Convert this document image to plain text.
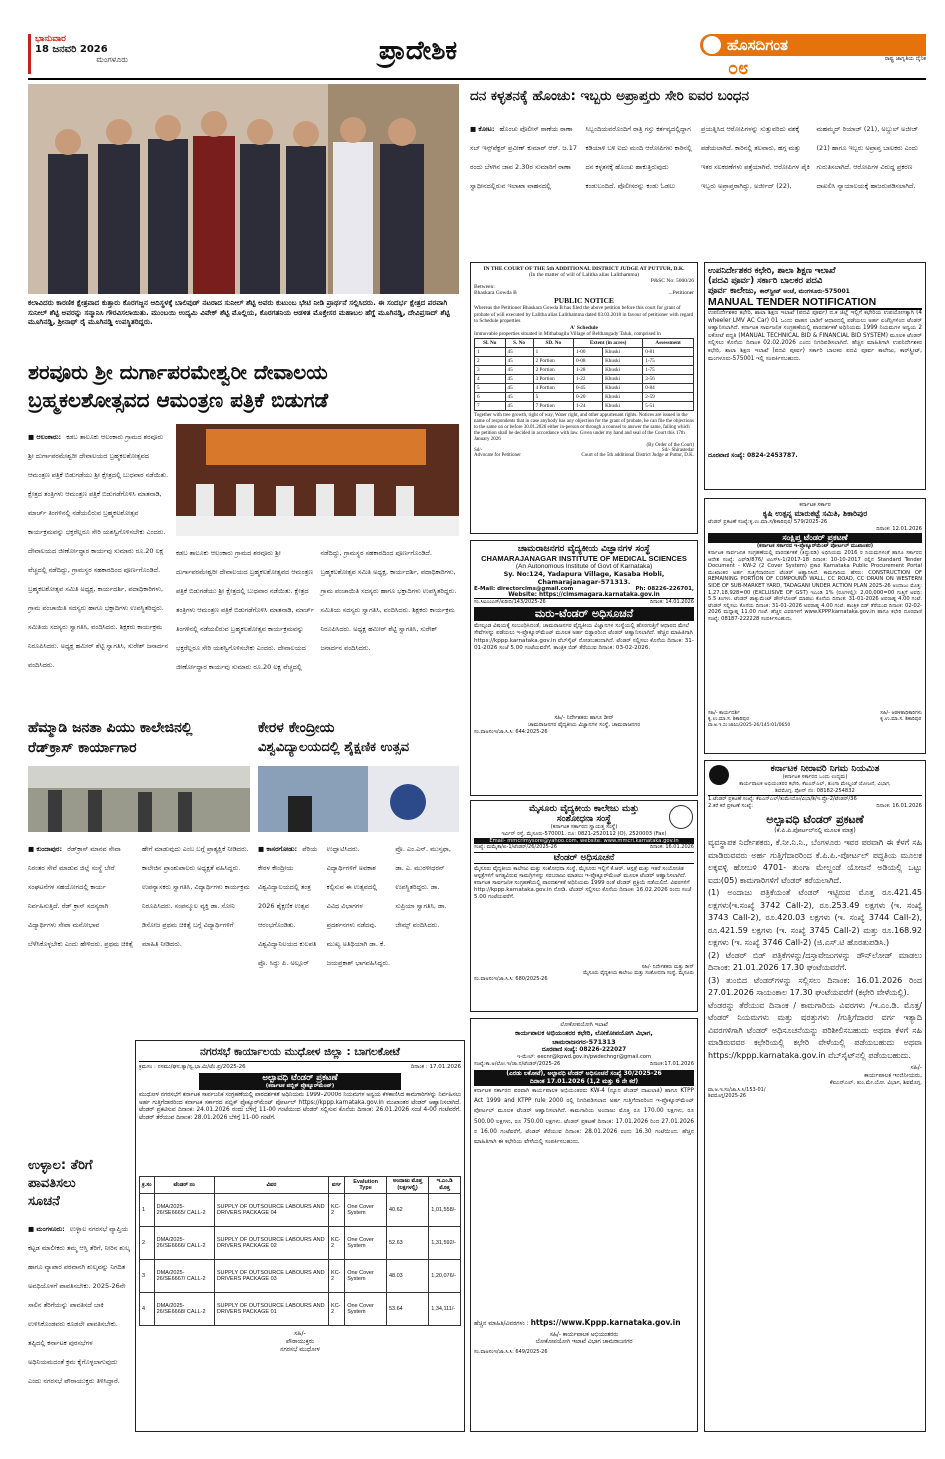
ಭಾನುವಾರ
18 ಜನವರಿ 2026
ಮಂಗಳೂರು	ಪ್ರಾದೇಶಿಕ	ಹೊಸದಿಗಂತ
ರಾಷ್ಟ್ರ ಜಾಗೃತಿಯ ದೈನಿಕ
೦೮
ಕಲಾವಿದರು ಕಾರಣಿಕ ಕ್ಷೇತ್ರವಾದ ಕುತ್ತಾರು ಕೊರಗಜ್ಜನ ಆದಿಸ್ಥಳಕ್ಕೆ ಬಾಲಿವುಡ್ ನಟರಾದ ಸುನೀಲ್ ಶೆಟ್ಟಿ ಅವರು ಕುಟುಂಬ ಭೇಟಿ ನೀಡಿ ಪ್ರಾರ್ಥನೆ ಸಲ್ಲಿಸಿದರು. ಈ ಸಂದರ್ಭ ಕ್ಷೇತ್ರದ ಪರವಾಗಿ ಸುನೀಲ್ ಶೆಟ್ಟಿ ಅವರನ್ನು ಸನ್ಮಾನಿಸಿ ಗೌರವಿಸಲಾಯಿತು. ಮುಂಬಯಿ ಉದ್ಯಮಿ ವಿವೇಕ್ ಶೆಟ್ಟಿ ಮೊಲ್ಲಿಯ, ಕೊರಗತನಿಯ ಆಡಳಿತ ಮೊಕ್ತೇಸರ ಮಹಾಬಲ ಹೆಗ್ಡೆ ಮೂಗಿನಡ್ಡಿ, ದೇವಿಪ್ರಸಾದ್ ಶೆಟ್ಟಿ ಮೂಗಿನಡ್ಡಿ, ಶ್ರೀನಾಥ್ ರೈ ಮೂಗಿನಡ್ಡಿ ಉಪಸ್ಥಿತರಿದ್ದರು.
ದನ ಕಳ್ಳತನಕ್ಕೆ ಹೊಂಚು: ಇಬ್ಬರು ಅಪ್ರಾಪ್ತರು ಸೇರಿ ಐವರ ಬಂಧನ
■ ಕೋಟ: ಹೊಂಚು ಪೊಲೀಸ್ ಠಾಣೆಯ ಠಾಣಾ ಸಬ್ ಇನ್ಸ್‌ಪೆಕ್ಟರ್ ಪ್ರವೀಣ್ ಕುಮಾರ್ ಆರ್. ಜ.17 ರಂದು ಬೆಳಗಿನ ಜಾವ 2.30ರ ಸುಮಾರಿಗೆ ಠಾಣಾ ಸ್ವಾಧೀನದಲ್ಲಿರುವ ಇಲಾಖಾ ವಾಹನದಲ್ಲಿ ಸಿಬ್ಬಂದಿಯವರೊಂದಿಗೆ ರಾತ್ರಿ ಗಸ್ತು ಕರ್ತವ್ಯದಲ್ಲಿದ್ದಾಗ ಕಡಿಯಾಳಿ ಬಳಿ ಐದು ಮಂದಿ ಆರೋಪಿಗಳು ಕಾರಿನಲ್ಲಿ ದನ ಕಳ್ಳತನಕ್ಕೆ ಹೊಂಚು ಹಾಕುತ್ತಿರುವುದು ಕಂಡುಬಂದಿದೆ. ಪೊಲೀಸರನ್ನು ಕಂಡು ಓಡಲು ಪ್ರಯತ್ನಿಸಿದ ಆರೋಪಿಗಳನ್ನು ಸುತ್ತುವರಿದು ವಶಕ್ಕೆ ಪಡೆಯಲಾಗಿದೆ. ಕಾರಿನಲ್ಲಿ ತಲವಾರು, ಹಗ್ಗ ಮತ್ತು ಇತರ ಸಲಕರಣೆಗಳು ಪತ್ತೆಯಾಗಿವೆ. ಆರೋಪಿಗಳ ಪೈಕಿ ಇಬ್ಬರು ಅಪ್ರಾಪ್ತರಾಗಿದ್ದು, ಅರ್ಜೀದ್ (22), ಮಹಮ್ಮದ್ ರಿಯಾಜ್ (21), ಅಬ್ದುಲ್ ಅಜೀಜ್ (21) ಹಾಗೂ ಇಬ್ಬರು ಅಪ್ರಾಪ್ತ ಬಾಲಕರು ಎಂದು ಗುರುತಿಸಲಾಗಿದೆ. ಆರೋಪಿಗಳ ವಿರುದ್ಧ ಪ್ರಕರಣ ದಾಖಲಿಸಿ ನ್ಯಾಯಾಲಯಕ್ಕೆ ಹಾಜರುಪಡಿಸಲಾಗಿದೆ.
ಶರವೂರು ಶ್ರೀ ದುರ್ಗಾಪರಮೇಶ್ವರೀ ದೇವಾಲಯ
ಬ್ರಹ್ಮಕಲಶೋತ್ಸವದ ಆಮಂತ್ರಣ ಪತ್ರಿಕೆ ಬಿಡುಗಡೆ
■ ಆಲಂಕಾರು: ಕಡಬ ತಾಲೂಕು ಆಲಂಕಾರು ಗ್ರಾಮದ ಶರವೂರು ಶ್ರೀ ದುರ್ಗಾಪರಮೇಶ್ವರೀ ದೇವಾಲಯದ ಬ್ರಹ್ಮಕಲಶೋತ್ಸವದ ಆಮಂತ್ರಣ ಪತ್ರಿಕೆ ಬಿಡುಗಡೆಯು ಶ್ರೀ ಕ್ಷೇತ್ರದಲ್ಲಿ ಬುಧವಾರ ನಡೆಯಿತು. ಕ್ಷೇತ್ರದ ತಂತ್ರಿಗಳು ಆಮಂತ್ರಣ ಪತ್ರಿಕೆ ಬಿಡುಗಡೆಗೊಳಿಸಿ ಮಾತನಾಡಿ, ಮಾರ್ಚ್ ತಿಂಗಳಿನಲ್ಲಿ ನಡೆಯಲಿರುವ ಬ್ರಹ್ಮಕಲಶೋತ್ಸವ ಕಾರ್ಯಕ್ರಮವನ್ನು ಭಕ್ತರೆಲ್ಲರೂ ಸೇರಿ ಯಶಸ್ವಿಗೊಳಿಸಬೇಕು ಎಂದರು. ದೇವಾಲಯದ ಜೀರ್ಣೋದ್ಧಾರ ಕಾರ್ಯವು ಸುಮಾರು ರೂ.20 ಲಕ್ಷ ವೆಚ್ಚದಲ್ಲಿ ನಡೆದಿದ್ದು, ಗ್ರಾಮಸ್ಥರ ಸಹಕಾರದಿಂದ ಪೂರ್ಣಗೊಂಡಿದೆ. ಬ್ರಹ್ಮಕಲಶೋತ್ಸವ ಸಮಿತಿ ಅಧ್ಯಕ್ಷ, ಕಾರ್ಯದರ್ಶಿ, ಪದಾಧಿಕಾರಿಗಳು, ಗ್ರಾಮ ಪಂಚಾಯಿತಿ ಸದಸ್ಯರು ಹಾಗೂ ಭಕ್ತಾದಿಗಳು ಉಪಸ್ಥಿತರಿದ್ದರು. ಸಮಿತಿಯ ಸದಸ್ಯರು ಸ್ವಾಗತಿಸಿ, ವಂದಿಸಿದರು. ಶಿಕ್ಷಕರು ಕಾರ್ಯಕ್ರಮ ನಿರೂಪಿಸಿದರು. ಅಧ್ಯಕ್ಷ ಹಮೀರ್ ಶೆಟ್ಟಿ ಸ್ವಾಗತಿಸಿ, ಸುರೇಶ್ ಜನಾರ್ದನ ವಂದಿಸಿದರು.
ಕಡಬ ತಾಲೂಕು ಆಲಂಕಾರು ಗ್ರಾಮದ ಶರವೂರು ಶ್ರೀ ದುರ್ಗಾಪರಮೇಶ್ವರೀ ದೇವಾಲಯದ ಬ್ರಹ್ಮಕಲಶೋತ್ಸವದ ಆಮಂತ್ರಣ ಪತ್ರಿಕೆ ಬಿಡುಗಡೆಯು ಶ್ರೀ ಕ್ಷೇತ್ರದಲ್ಲಿ ಬುಧವಾರ ನಡೆಯಿತು. ಕ್ಷೇತ್ರದ ತಂತ್ರಿಗಳು ಆಮಂತ್ರಣ ಪತ್ರಿಕೆ ಬಿಡುಗಡೆಗೊಳಿಸಿ ಮಾತನಾಡಿ, ಮಾರ್ಚ್ ತಿಂಗಳಿನಲ್ಲಿ ನಡೆಯಲಿರುವ ಬ್ರಹ್ಮಕಲಶೋತ್ಸವ ಕಾರ್ಯಕ್ರಮವನ್ನು ಭಕ್ತರೆಲ್ಲರೂ ಸೇರಿ ಯಶಸ್ವಿಗೊಳಿಸಬೇಕು ಎಂದರು. ದೇವಾಲಯದ ಜೀರ್ಣೋದ್ಧಾರ ಕಾರ್ಯವು ಸುಮಾರು ರೂ.20 ಲಕ್ಷ ವೆಚ್ಚದಲ್ಲಿ ನಡೆದಿದ್ದು, ಗ್ರಾಮಸ್ಥರ ಸಹಕಾರದಿಂದ ಪೂರ್ಣಗೊಂಡಿದೆ. ಬ್ರಹ್ಮಕಲಶೋತ್ಸವ ಸಮಿತಿ ಅಧ್ಯಕ್ಷ, ಕಾರ್ಯದರ್ಶಿ, ಪದಾಧಿಕಾರಿಗಳು, ಗ್ರಾಮ ಪಂಚಾಯಿತಿ ಸದಸ್ಯರು ಹಾಗೂ ಭಕ್ತಾದಿಗಳು ಉಪಸ್ಥಿತರಿದ್ದರು. ಸಮಿತಿಯ ಸದಸ್ಯರು ಸ್ವಾಗತಿಸಿ, ವಂದಿಸಿದರು. ಶಿಕ್ಷಕರು ಕಾರ್ಯಕ್ರಮ ನಿರೂಪಿಸಿದರು. ಅಧ್ಯಕ್ಷ ಹಮೀರ್ ಶೆಟ್ಟಿ ಸ್ವಾಗತಿಸಿ, ಸುರೇಶ್ ಜನಾರ್ದನ ವಂದಿಸಿದರು.
ಹೆಮ್ಮಾಡಿ ಜನತಾ ಪಿಯು ಕಾಲೇಜಿನಲ್ಲಿ
ರೆಡ್‌ಕ್ರಾಸ್ ಕಾರ್ಯಾಗಾರ
■ ಕುಂದಾಪುರ: ರೆಡ್‌ಕ್ರಾಸ್ ಮಾನವ ಸೇವಾ ನಿರಂತರ ಸೇವೆ ಮಾಡುವ ಜಿಲ್ಲೆ ಸಂಸ್ಥೆ ಬೇರೆ ಸಂಘಟನೆಗಳ ಸಹಯೋಗದಲ್ಲಿ ಕಾರ್ಯ ನಿರ್ವಹಿಸುತ್ತಿದೆ. ರೆಡ್ ಕ್ರಾಸ್ ಸದಸ್ಯರಾಗಿ ವಿದ್ಯಾರ್ಥಿಗಳು ಸೇವಾ ಮನೋಭಾವ ಬೆಳೆಸಿಕೊಳ್ಳಬೇಕು ಎಂದು ಹೇಳಿದರು. ಪ್ರಥಮ ಚಿಕಿತ್ಸೆ ಹೇಗೆ ಮಾಡುವುದು ಎಂಬ ಬಗ್ಗೆ ಪ್ರಾತ್ಯಕ್ಷಿಕೆ ನೀಡಿದರು. ಕಾಲೇಜಿನ ಪ್ರಾಂಶುಪಾಲರು ಅಧ್ಯಕ್ಷತೆ ವಹಿಸಿದ್ದರು. ಉಪನ್ಯಾಸಕರು ಸ್ವಾಗತಿಸಿ, ವಿದ್ಯಾರ್ಥಿಗಳು ಕಾರ್ಯಕ್ರಮ ನಿರೂಪಿಸಿದರು. ಸಂಪನ್ಮೂಲ ವ್ಯಕ್ತಿ ಡಾ. ಸೋನಿ ಡಿಸೋಜ ಪ್ರಥಮ ಚಿಕಿತ್ಸೆ ಬಗ್ಗೆ ವಿದ್ಯಾರ್ಥಿಗಳಿಗೆ ಮಾಹಿತಿ ನೀಡಿದರು.
ಕೇರಳ ಕೇಂದ್ರೀಯ
ವಿಶ್ವವಿದ್ಯಾಲಯದಲ್ಲಿ ಶೈಕ್ಷಣಿಕ ಉತ್ಸವ
■ ಕಾಸರಗೋಡು: ಪೆರಿಯ ಕೇರಳ ಕೇಂದ್ರೀಯ ವಿಶ್ವವಿದ್ಯಾಲಯದಲ್ಲಿ ತಂತ್ರ 2026 ಶೈಕ್ಷಣಿಕ ಉತ್ಸವ ಆರಂಭಗೊಂಡಿತು. ವಿಶ್ವವಿದ್ಯಾನಿಲಯದ ಕುಲಪತಿ ಪ್ರೊ. ಸಿದ್ದು ಪಿ. ಅಲ್ಗೂರ್ ಉದ್ಘಾಟಿಸಿದರು. ವಿದ್ಯಾರ್ಥಿಗಳಿಗೆ ಅವಕಾಶ ಕಲ್ಪಿಸುವ ಈ ಉತ್ಸವದಲ್ಲಿ ವಿವಿಧ ವಿಭಾಗಗಳ ಪ್ರದರ್ಶನಗಳು ನಡೆದವು. ಮುಖ್ಯ ಅತಿಥಿಯಾಗಿ ಡಾ. ಕೆ. ಜಯಪ್ರಕಾಶ್ ಭಾಗವಹಿಸಿದ್ದರು. ಪ್ರೊ. ಎಂ.ಎನ್. ಮುಸ್ತಫಾ, ಡಾ. ಎ. ಮುರಳೀಧರನ್ ಉಪಸ್ಥಿತರಿದ್ದರು. ಡಾ. ಸುಪ್ರಿಯಾ ಸ್ವಾಗತಿಸಿ, ಡಾ. ಜೇಮ್ಸ್ ವಂದಿಸಿದರು.
ಉಳ್ಳಾಲ: ತೆರಿಗೆ
ಪಾವತಿಸಲು
ಸೂಚನೆ
■ ಮಂಗಳೂರು: ಉಳ್ಳಾಲ ನಗರಸಭೆ ವ್ಯಾಪ್ತಿಯ ಕಟ್ಟಡ ಮಾಲೀಕರು ತಮ್ಮ ಆಸ್ತಿ ತೆರಿಗೆ, ನೀರಿನ ಶುಲ್ಕ ಹಾಗೂ ವ್ಯಾಪಾರ ಪರವಾನಗಿ ಶುಲ್ಕವನ್ನು ನಿಗದಿತ ಅವಧಿಯೊಳಗೆ ಪಾವತಿಸಬೇಕು. 2025-26ನೇ ಸಾಲಿನ ತೆರಿಗೆಯನ್ನು ಪಾವತಿಸದೆ ಬಾಕಿ ಉಳಿಸಿಕೊಂಡವರು ಕೂಡಲೇ ಪಾವತಿಸಬೇಕು. ತಪ್ಪಿದಲ್ಲಿ ಕರ್ನಾಟಕ ಪುರಸಭೆಗಳ ಅಧಿನಿಯಮದಂತೆ ಕ್ರಮ ಕೈಗೊಳ್ಳಲಾಗುವುದು ಎಂದು ನಗರಸಭೆ ಪೌರಾಯುಕ್ತರು ತಿಳಿಸಿದ್ದಾರೆ.
IN THE COURT OF THE 5th ADDITIONAL DISTRICT JUDGE AT PUTTUR, D.K.
(In the matter of will of Lalitha alias Lalithamma)
P&SC No: 5000/26
Between:
Bhaskara Gowda B	...Petitioner
PUBLIC NOTICE
Whereas the Petitioner Bhaskara Gowda B has filed the above petition before this court for grant of probate of will executed by Lalitha alias Lalithamma dated 03.03.2018 in favour of petitioner with regard to Schedule properties
A' Schedule
Immovable properties situated in Mithabagilu Village of Belthangady Taluk, comprised in
Sl. No	S. No	SD. No	Extent (in acres)		Assessment
1	45	1	1-00	Khuski	0-81
2	45	2 Portion	0-08	Khuski	1-75
3	45	2 Portion	1-28	Khuski	1-75
4	45	3 Portion	1-22	Khuski	3-56
5	45	4 Portion	0-45	Khuski	0-84
6	45	5	0-20	Khuski	2-59
7	45	7 Portion	1-24	Khuski	5-51
Together with tree growth, right of way, Water right, and other appurtenant rights. Notices are issued in the name of respondents that in case anybody has any objection for the grant of probate, he can file the objections to the same on or before 30.01.2026 either in-person or through a counsel to answer the same, failing which the petition shall be decided in accordance with law. Given under my hand and seal of the Court this 17th January 2026
(By Order of the Court)
Sd/-
Advocate for Petitioner
Sd/- Shirastedar
Court of the 5th additional District Judge at Puttur, D.K.
ಚಾಮರಾಜನಗರ ವೈದ್ಯಕೀಯ ವಿಜ್ಞಾನಗಳ ಸಂಸ್ಥೆ
CHAMARAJANAGAR INSTITUTE OF MEDICAL SCIENCES
(An Autonomous Institute of Govt of Karnataka)
Sy. No:124, Yadapura Village, Kasaba Hobli,
Chamarajanagar-571313.
E-Mail: directorcims@gmail.com	Ph: 08226-226701,
Website: https://cimsmagara.karnataka.gov.in
ಸಂ.ಸಿಐಎಂಎಸ್/ಖರೀದಿ/143/2025-26	ದಿನಾಂಕ: 14.01.2026
ಮರು-ಟೆಂಡರ್ ಅಧಿಸೂಚನೆ
ಮೇಲ್ಕಂಡ ವಿಷಯಕ್ಕೆ ಸಂಬಂಧಿಸಿದಂತೆ, ಚಾಮರಾಜನಗರ ವೈದ್ಯಕೀಯ ವಿಜ್ಞಾನಗಳ ಸಂಸ್ಥೆಯಲ್ಲಿ ಹೊರಗುತ್ತಿಗೆ ಆಧಾರದ ಮೇಲೆ ಸೇವೆಗಳನ್ನು ಪಡೆಯಲು ಇ-ಪ್ರೊಕ್ಯೂರ್‌ಮೆಂಟ್ ಮೂಲಕ ಅರ್ಹ ಬಿಡ್ದಾರರಿಂದ ಟೆಂಡರ್ ಆಹ್ವಾನಿಸಲಾಗಿದೆ. ಹೆಚ್ಚಿನ ಮಾಹಿತಿಗಾಗಿ https://kppp.karnataka.gov.in ವೆಬ್‌ಸೈಟ್ ನೋಡಬಹುದಾಗಿದೆ. ಟೆಂಡರ್ ಸಲ್ಲಿಸಲು ಕೊನೆಯ ದಿನಾಂಕ: 31-01-2026 ಸಂಜೆ 5.00 ಗಂಟೆಯವರೆಗೆ. ತಾಂತ್ರಿಕ ಬಿಡ್ ತೆರೆಯುವ ದಿನಾಂಕ: 03-02-2026.
ಸಹಿ/- ನಿರ್ದೇಶಕರು ಹಾಗೂ ಡೀನ್
ಚಾಮರಾಜನಗರ ವೈದ್ಯಕೀಯ ವಿಜ್ಞಾನಗಳ ಸಂಸ್ಥೆ, ಚಾಮರಾಜನಗರ
ಸಂ.ವಾಅಸಂಇ/ಜಾ.ಸಿ.ಸಿ: 644:2025-26
ಮೈಸೂರು ವೈದ್ಯಕೀಯ ಕಾಲೇಜು ಮತ್ತು
ಸಂಶೋಧನಾ ಸಂಸ್ಥೆ
(ಕರ್ನಾಟಕ ಸರ್ಕಾರದ ಸ್ವಾಯತ್ತ ಸಂಸ್ಥೆ)
ಇರ್ವಿನ್ ರಸ್ತೆ, ಮೈಸೂರು-570001. ದೂ: 0821-2520112 (O), 2520003 (Fax)
Email- mmcrimysore@yahoo.com, website: www.mmcri.karnataka.gov.in
ಸಂಖ್ಯೆ: ಮಮೈಕಾ/ಖ-1/ಟೆಂಡರ್/26/2025-26	ದಿನಾಂಕ: 16.01.2026
ಟೆಂಡರ್ ಅಧಿಸೂಚನೆ
ಮೈಸೂರು ವೈದ್ಯಕೀಯ ಕಾಲೇಜು ಮತ್ತು ಸಂಶೋಧನಾ ಸಂಸ್ಥೆ, ಮೈಸೂರು ಇಲ್ಲಿಗೆ ಕೆ.ಆರ್. ಆಸ್ಪತ್ರೆ ಮತ್ತು ಇತರೆ ಸಂಯೋಜಿತ ಆಸ್ಪತ್ರೆಗಳಿಗೆ ಅಗತ್ಯವಿರುವ ಸಾಮಗ್ರಿಗಳನ್ನು ಸರಬರಾಜು ಮಾಡಲು ಇ-ಪ್ರೊಕ್ಯೂರ್‌ಮೆಂಟ್ ಮೂಲಕ ಟೆಂಡರ್ ಆಹ್ವಾನಿಸಲಾಗಿದೆ. ಕರ್ನಾಟಕ ಸಾರ್ವಜನಿಕ ಸಂಗ್ರಹಣೆಯಲ್ಲಿ ಪಾರದರ್ಶಕತೆ ಅಧಿನಿಯಮ 1999 ರಂತೆ ಟೆಂಡರ್ ಪ್ರಕ್ರಿಯೆ ನಡೆಯಲಿದೆ. ವಿವರಗಳಿಗೆ http://kppp.karnataka.gov.in ನೋಡಿ. ಟೆಂಡರ್ ಸಲ್ಲಿಸಲು ಕೊನೆಯ ದಿನಾಂಕ: 16.02.2026 ರಂದು ಸಂಜೆ 5.00 ಗಂಟೆಯವರೆಗೆ.
ಸಹಿ/- ನಿರ್ದೇಶಕರು ಮತ್ತು ಡೀನ್
ಮೈಸೂರು ವೈದ್ಯಕೀಯ ಕಾಲೇಜು ಮತ್ತು ಸಂಶೋಧನಾ ಸಂಸ್ಥೆ, ಮೈಸೂರು
ಸಂ.ವಾಅಸಂಇ/ಜಾ.ಸಿ.ಸಿ: 680/2025-26
ಉಪನಿರ್ದೇಶಕರ ಕಛೇರಿ, ಶಾಲಾ ಶಿಕ್ಷಣ ಇಲಾಖೆ
(ಪದವಿ ಪೂರ್ವ) ಸರ್ಕಾರಿ ಬಾಲಕರ ಪದವಿ
ಪೂರ್ವ ಕಾಲೇಜು, ಕಾರ್‌ಸ್ಟ್ರೀಟ್ ಅಂಚೆ, ಮಂಗಳೂರು-575001
MANUAL TENDER NOTIFICATION
ಉಪನಿರ್ದೇಶಕರ ಕಛೇರಿ, ಶಾಲಾ ಶಿಕ್ಷಣ ಇಲಾಖೆ (ಪದವಿ ಪೂರ್ವ) ದ.ಕ ಜಿಲ್ಲೆ ಇಲ್ಲಿಗೆ ಕಛೇರಿಯ ಉಪಯೋಗಕ್ಕಾಗಿ (4 wheeler LMV AC Car) 01 ಒಂದು ವಾಹನ ಬಾಡಿಗೆ ಆಧಾರದಲ್ಲಿ ಪಡೆಯಲು ಅರ್ಹ ಏಜೆನ್ಸಿಗಳಿಂದ ಟೆಂಡರ್ ಆಹ್ವಾನಿಸಲಾಗಿದೆ. ಕರ್ನಾಟಕ ಸಾರ್ವಜನಿಕ ಸಂಗ್ರಹಣೆಯಲ್ಲಿ ಪಾರದರ್ಶಕತೆ ಅಧಿನಿಯಮ 1999 ನಿಯಮಗಳ ಅನ್ವಯ 2 ಲಕೋಟೆ ಪದ್ಧತಿ (MANUAL TECHNICAL BID & FINANCIAL BID SYSTEM) ಮೂಲಕ ಟೆಂಡರ್ ಸಲ್ಲಿಸಲು ಕೊನೆಯ ದಿನಾಂಕ 02.02.2026 ಎಂದು ನಿಗದಿಪಡಿಸಲಾಗಿದೆ. ಹೆಚ್ಚಿನ ಮಾಹಿತಿಗಾಗಿ ಉಪನಿರ್ದೇಶಕರ ಕಛೇರಿ, ಶಾಲಾ ಶಿಕ್ಷಣ ಇಲಾಖೆ (ಪದವಿ ಪೂರ್ವ) ಸರ್ಕಾರಿ ಬಾಲಕರ ಪದವಿ ಪೂರ್ವ ಕಾಲೇಜು, ಕಾರ್‌ಸ್ಟ್ರೀಟ್, ಮಂಗಳೂರು-575001 ಇಲ್ಲಿ ಸಂಪರ್ಕಿಸಬಹುದು.
ದೂರವಾಣಿ ಸಂಖ್ಯೆ: 0824-2453787.
ಕರ್ನಾಟಕ ಸರ್ಕಾರ
ಕೃಷಿ ಉತ್ಪನ್ನ ಮಾರುಕಟ್ಟೆ ಸಮಿತಿ, ಶಿಕಾರಿಪುರ
ಟೆಂಡರ್ ಪ್ರಕಟಣೆ ಸಂಖ್ಯೆ:ಕೃ.ಉ.ಮಾ.ಸ/ಶಿಕಾರಿಪುರ/ 579/2025-26
ದಿನಾಂಕ: 12.01.2026
ಸಂಕ್ಷಿಪ್ತ ಟೆಂಡರ್ ಪ್ರಕಟಣೆ
(ಕರ್ನಾಟಕ ಸರ್ಕಾರದ ಇ-ಪ್ರೊಕ್ಯೂರ್‌ಮೆಂಟ್ ಪೋರ್ಟಲ್ ಮುಖಾಂತರ)
ಕರ್ನಾಟಕ ಸಾರ್ವಜನಿಕ ಸಂಗ್ರಹಣೆಯಲ್ಲಿ ಪಾರದರ್ಶಕತೆ (ತಿದ್ದುಪಡಿ) ಅಧಿನಿಯಮ 2016 ರ ನಿಯಮಗಳಂತೆ ಹಾಗೂ ಸರ್ಕಾರದ ಆದೇಶ ಸಂಖ್ಯೆ: ಎಫ್‌ಡಿ/876/ ಟಿಎಸ್‌ಸಿ-1/2017-18 ದಿನಾಂಕ: 10-10-2017 ರಲ್ಲಿನ Standard Tender Document - KW-2 (2 Cover System) ಪ್ರಕಾರ Karnataka Public Procurement Portal ಮುಖಾಂತರ ಅರ್ಹ ಗುತ್ತಿಗೆದಾರರಿಂದ ಟೆಂಡರ್ ಆಹ್ವಾನಿಸಿದೆ. ಕಾಮಗಾರಿಯ ಹೆಸರು: CONSTRUCTION OF REMAINING PORTION OF COMPOUND WALL, CC ROAD, CC DRAIN ON WESTERN SIDE OF SUB-MARKET YARD, TADAGANI UNDER ACTION PLAN 2025-26 ಅಂದಾಜು ಮೊತ್ತ: 1,27,18,928=00 (EXCLUSIVE OF GST) ಇಎಂಡಿ 1% (ರೂಗಳಲ್ಲಿ): 2,00,000=00 ಗುತ್ತಿಗೆ ಅವಧಿ: 5.5 ತಿಂಗಳು. ಟೆಂಡರ್ ಡಾಕ್ಯುಮೆಂಟ್ ಡೌನ್‌ಲೋಡ್ ಮಾಡಲು ಕೊನೆಯ ದಿನಾಂಕ: 31-01-2026 ಅಪರಾಹ್ನ 4.00 ಗಂಟೆ. ಟೆಂಡರ್ ಸಲ್ಲಿಸಲು ಕೊನೆಯ ದಿನಾಂಕ: 31-01-2026 ಅಪರಾಹ್ನ 4.00 ಗಂಟೆ. ತಾಂತ್ರಿಕ ಬಿಡ್ ತೆರೆಯುವ ದಿನಾಂಕ: 02-02-2026 ಮಧ್ಯಾಹ್ನ 11.00 ಗಂಟೆ. ಹೆಚ್ಚಿನ ವಿವರಗಳಿಗೆ www.KPPP.karnataka.gov.in ಹಾಗೂ ಕಛೇರಿ ದೂರವಾಣಿ ಸಂಖ್ಯೆ: 08187-222228 ಸಂಪರ್ಕಿಸಬಹುದು.
ಸಹಿ/- ಕಾರ್ಯದರ್ಶಿ
ಕೃ.ಉ.ಮಾ.ಸ. ಶಿಕಾರಿಪುರ
ಸಹಿ/- ಆಡಳಿತಾಧಿಕಾರಿಗಳು
ಕೃ.ಉ.ಮಾ.ಸ. ಶಿಕಾರಿಪುರ
ವಾ.ಅ.ಇ.ಸಂ:ಜಾಸಿಸಿ/2025-26/145:01/0650
ಕರ್ನಾಟಕ ನೀರಾವರಿ ನಿಗಮ ನಿಯಮಿತ
(ಕರ್ನಾಟಕ ಸರ್ಕಾರದ ಒಂದು ಉದ್ಯಮ)
ಕಾರ್ಯಪಾಲಕ ಅಭಿಯಂತರರ ಕಛೇರಿ, ಕೆಐಎನ್‌ಎಲ್, ತುಂಗಾ ಮೇಲ್ದಂಡೆ ಯೋಜನೆ, ವಿಭಾಗ,
ಶಿವಮೊಗ್ಗ. ಫೋನ್ ನಂ: 08182-254832
1.ಟೆಂಡರ್ ಪ್ರಕಟಣೆ ಸಂಖ್ಯೆ: ಕೆಐಎನ್‌ಎಲ್/ತುಮೇಯೋ/ವಿಭಾ/ಶಿ/ಇ.ಪ್ರೊ-2/ಟೆಂಡರ್/36
2.ಕರೆ ಕರೆ ಪ್ರಕಟಣೆ ಸಂಖ್ಯೆ:	ದಿನಾಂಕ: 16.01.2026
ಅಲ್ಪಾವಧಿ ಟೆಂಡರ್ ಪ್ರಕಟಣೆ
(ಕೆ.ಪಿ.ಪಿ.ಪೋರ್ಟಲ್‌ನಲ್ಲಿ ಮೂಲಕ ಮಾತ್ರ)
ವ್ಯವಸ್ಥಾಪಕ ನಿರ್ದೇಶಕರು, ಕೆ.ನೀ.ನಿ.ನಿ., ಬೆಂಗಳೂರು ಇವರ ಪರವಾಗಿ ಈ ಕೆಳಗೆ ಸಹಿ ಮಾಡಿರುವವರು ಅರ್ಹ ಗುತ್ತಿಗೆದಾರರಿಂದ ಕೆ.ಪಿ.ಪಿ.-ಪೋರ್ಟಲ್ ಪದ್ಧತಿಯ ಮೂಲಕ ಲಕ್ಕವಳ್ಳಿ ಹೋಬಳಿ 4701- ತುಂಗಾ ಮೇಲ್ದಂಡೆ ಯೋಜನೆ ಅಡಿಯಲ್ಲಿ ಒಟ್ಟು ಐದು(05) ಕಾಮಗಾರಿಗಳಿಗೆ ಟೆಂಡರ್ ಕರೆಯಲಾಗಿದೆ.
(1) ಅಂದಾಜು ಪತ್ರಿಕೆಯಂತೆ ಟೆಂಡರ್ ಇಟ್ಟಿರುವ ಮೊತ್ತ ರೂ.421.45 ಲಕ್ಷಗಳು(ಇ.ಸಂಖ್ಯೆ 3742 Call-2), ರೂ.253.49 ಲಕ್ಷಗಳು (ಇ. ಸಂಖ್ಯೆ 3743 Call-2), ರೂ.420.03 ಲಕ್ಷಗಳು (ಇ. ಸಂಖ್ಯೆ 3744 Call-2), ರೂ.421.59 ಲಕ್ಷಗಳು (ಇ. ಸಂಖ್ಯೆ 3745 Call-2) ಮತ್ತು ರೂ.168.92 ಲಕ್ಷಗಳು (ಇ. ಸಂಖ್ಯೆ 3746 Call-2) (ಜಿ.ಎಸ್.ಟಿ ಹೊರತುಪಡಿಸಿ.)
(2) ಟೆಂಡರ್ ಬಿಡ್ ಪತ್ರಿಕೆಗಳನ್ನು/ದಸ್ತಾವೇಜುಗಳನ್ನು ಡೌನ್‌ಲೋಡ್ ಮಾಡಲು ದಿನಾಂಕ: 21.01.2026 17.30 ಘಂಟೆಯವರೆಗೆ.
(3) ತುಂಬಿದ ಟೆಂಡರ್‌ಗಳನ್ನು ಸಲ್ಲಿಸಲು ದಿನಾಂಕ: 16.01.2026 ರಿಂದ 27.01.2026 ಸಾಯಂಕಾಲ 17.30 ಘಂಟೆಯವರೆಗೆ (ಕಛೇರಿ ವೇಳೆಯಲ್ಲಿ).
ಟೆಂಡರನ್ನು ತೆರೆಯುವ ದಿನಾಂಕ / ಕಾಮಗಾರಿಯ ವಿವರಗಳು /ಇ.ಎಂ.ಡಿ. ಮೊತ್ತ/ ಟೆಂಡರ್ ನಿಯಮಗಳು ಮತ್ತು ಷರತ್ತುಗಳು /ಗುತ್ತಿಗೆದಾರರ ವರ್ಗ ಇತ್ಯಾದಿ ವಿವರಗಳಿಗಾಗಿ ಟೆಂಡರ್ ಅಧಿಸೂಚನೆಯನ್ನು ಪರಿಶೀಲಿಸಬಹುದು ಅಥವಾ ಕೆಳಗೆ ಸಹಿ ಮಾಡಿರುವವರ ಕಛೇರಿಯಲ್ಲಿ ಕಛೇರಿ ವೇಳೆಯಲ್ಲಿ ಪಡೆಯಬಹುದು ಅಥವಾ https://kppp.karnataka.gov.in ವೆಬ್‌ಸೈಟ್‌ನಲ್ಲಿ ಪಡೆಯಬಹುದು.
ಸಹಿ/-
ಕಾರ್ಯಪಾಲಕ ಇಂಜಿನೀಯರು,
ಕೆಐಎನ್‌ಎಲ್, ತುಂ.ಮೇ.ಯೋ. ವಿಭಾಗ, ಶಿವಮೊಗ್ಗ.
ವಾ.ಅ.ಇ.ಸಂ/ಜಾ.ಸಿ.ಸಿ/153-01/
ಶಿವಮೊಗ್ಗ/2025-26
ನಗರಸಭೆ ಕಾರ್ಯಾಲಯ ಮುಧೋಳ ಜಿಲ್ಲಾ : ಬಾಗಲಕೋಟೆ
ಕ್ರಮಸಂ : ನಸಮು/ಘನ.ತ್ಯಾ/ಸ್ವ.ಭಾ.ಮಿ/ಟೆಂ.ಪ್ರ/2025-26	ದಿನಾಂಕ : 17.01.2026
ಅಲ್ಪಾವಧಿ ಟೆಂಡರ್ ಪ್ರಕಟಣೆ
(ಕರ್ನಾಟಕ ಪಬ್ಲಿಕ್ ಪ್ರೊಕ್ಯೂರ್‌ಮೆಂಟ್)
ಮುಧೋಳ ನಗರಸಭೆಗೆ ಕರ್ನಾಟಕ ಸಾರ್ವಜನಿಕ ಸಂಗ್ರಹಣೆಯಲ್ಲಿ ಪಾರದರ್ಶಕತೆ ಅಧಿನಿಯಮ 1999–2000ರ ನಿಯಮಗಳ ಅನ್ವಯ ಕೆಳಕಾಣಿಸಿದ ಕಾಮಗಾರಿಗಳನ್ನು ನಿರ್ವಹಿಸಲು ಅರ್ಹ ಗುತ್ತಿಗೆದಾರರಿಂದ ಕರ್ನಾಟಕ ಸರ್ಕಾರದ ಪಬ್ಲಿಕ್ ಪ್ರೊಕ್ಯೂರ್‌ಮೆಂಟ್ ಪೋರ್ಟಲ್ https://kppp.karnataka.gov.in ಮುಖಾಂತರ ಟೆಂಡರ್ ಆಹ್ವಾನಿಸಲಾಗಿದೆ. ಟೆಂಡರ್ ಪ್ರಕಟಿಸುವ ದಿನಾಂಕ: 24.01.2026 ರಂದು ಬೆಳಿಗ್ಗೆ 11-00 ಗಂಟೆಯಿಂದ ಟೆಂಡರ್ ಸಲ್ಲಿಸುವ ಕೊನೆಯ ದಿನಾಂಕ: 26.01.2026 ಸಂಜೆ 4-00 ಗಂಟೆವರೆಗೆ. ಟೆಂಡರ್ ತೆರೆಯುವ ದಿನಾಂಕ: 28.01.2026 ಬೆಳಿಗ್ಗೆ 11-00 ಗಂಟೆಗೆ.
ಕ್ರ.ಸಂ	ಟೆಂಡರ್ ನಂ	ವಿವರ	ವರ್ಗ	Evalution Type	ಅಂದಾಜು ಮೊತ್ತ (ಲಕ್ಷಗಳಲ್ಲಿ)	ಇ.ಎಂ.ಡಿ ಮೊತ್ತ
1	DMA/2025-26/SE6665/ CALL-2	SUPPLY OF OUTSOURCE LABOURS AND DRIVERS PACKAGE 04	KC-2	One Cover System	40.62	1,01,558/-
2	DMA/2025-26/SE6666/ CALL-2	SUPPLY OF OUTSOURCE LABOURS AND DRIVERS PACKAGE 02	KC-2	One Cover System	52.63	1,31,592/-
3	DMA/2025-26/SE6667/ CALL-2	SUPPLY OF OUTSOURCE LABOURS AND DRIVERS PACKAGE 03	KC-2	One Cover System	48.03	1,20,076/-
4	DMA/2025-26/SE6668/ CALL-2	SUPPLY OF OUTSOURCE LABOURS AND DRIVERS PACKAGE 01	KC-2	One Cover System	53.64	1,34,111/-
ಸಹಿ/-
ಪೌರಾಯುಕ್ತರು
ನಗರಸಭೆ ಮುಧೋಳ
ಲೋಕೋಪಯೋಗಿ ಇಲಾಖೆ
ಕಾರ್ಯಪಾಲಕ ಅಭಿಯಂತರರ ಕಛೇರಿ, ಲೋಕೋಪಯೋಗಿ ವಿಭಾಗ,
ಚಾಮರಾಜನಗರ-571313
ದೂರವಾಣಿ ಸಂಖ್ಯೆ: 08226-222027
ಇ-ಮೇಲ್: eecnr@kpwd.gov.in/pwdechngr@gmail.com
ಸಂಖ್ಯೆ:ಕಾ.ಅ/ಲೋ.ಇ/ಚಾ.ನ/ಟೆಂಡರ್/2025-26	ದಿನಾಂಕ:17.01.2026
(ಎರಡು ಲಕೋಟೆ), ಅಲ್ಪಾವಧಿ ಟೆಂಡರ್ ಅಧಿಸೂಚನೆ ಸಂಖ್ಯೆ 30/2025-26
ದಿನಾಂಕ 17.01.2026 (1,2 ಮತ್ತು 6 ನೇ ಕರೆ)
ಕರ್ನಾಟಕ ಸರ್ಕಾರದ ಪರವಾಗಿ ಕಾರ್ಯಪಾಲಕ ಅಭಿಯಂತರರು KW-4 (ನ್ಯೂನ ಟೆಂಡರ್ ದಾಖಲಾತಿ) ಹಾಗೂ KTPP Act 1999 and KTPP rule 2000 ರಲ್ಲಿ ನಿಗದಿಪಡಿಸಲಾದ ಅರ್ಹ ಗುತ್ತಿಗೆದಾರರಿಂದ ಇ-ಪ್ರೊಕ್ಯೂರ್‌ಮೆಂಟ್ ಪೋರ್ಟಲ್ ಮೂಲಕ ಟೆಂಡರ್ ಆಹ್ವಾನಿಸಲಾಗಿದೆ. ಕಾಮಗಾರಿಯ ಅಂದಾಜು ಮೊತ್ತ ರೂ 170.00 ಲಕ್ಷಗಳು, ರೂ 500.00 ಲಕ್ಷಗಳು, ರೂ 750.00 ಲಕ್ಷಗಳು. ಟೆಂಡರ್ ಪ್ರಕಟಣೆ ದಿನಾಂಕ: 17.01.2026 ರಿಂದ 27.01.2026 ರ 16.00 ಗಂಟೆವರೆಗೆ, ಟೆಂಡರ್ ತೆರೆಯುವ ದಿನಾಂಕ: 28.01.2026 ರಂದು 16.30 ಗಂಟೆಯಿಂದ. ಹೆಚ್ಚಿನ ಮಾಹಿತಿಗಾಗಿ ಈ ಕಛೇರಿಯ ವೇಳೆಯಲ್ಲಿ ಸಂಪರ್ಕಿಸಬಹುದು.
ಹೆಚ್ಚಿನ ಮಾಹಿತಿ/ವಿವರಗಳು : https://www.Kppp.karnataka.gov.in
ಸಹಿ/- ಕಾರ್ಯಪಾಲಕ ಅಭಿಯಂತರರು
ಲೋಕೋಪಯೋಗಿ ಇಲಾಖೆ ವಿಭಾಗ ಚಾಮರಾಜನಗರ
ಸಂ.ವಾಅಸಂಇ/ಜಾ.ಸಿ.ಸಿ: 649/2025-26
